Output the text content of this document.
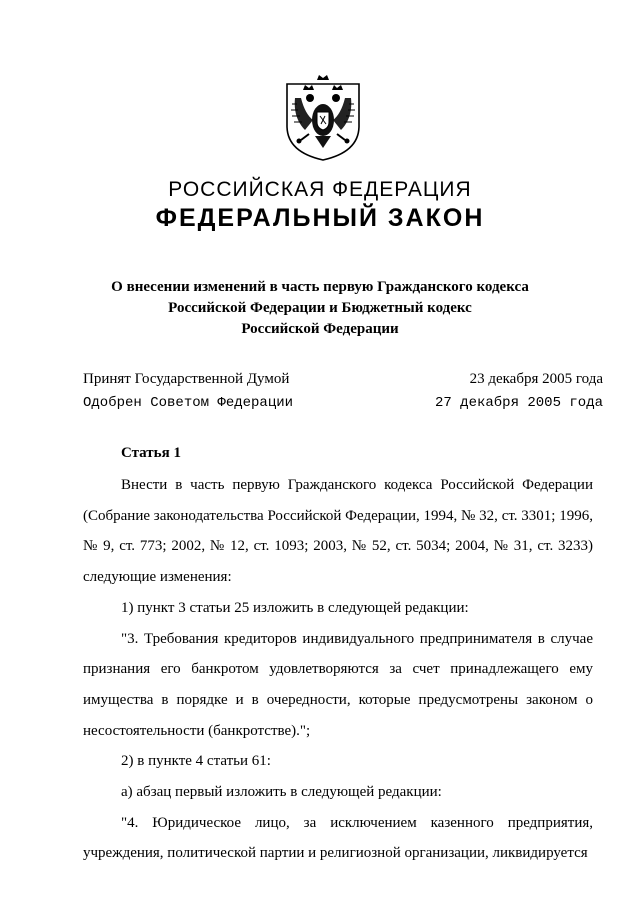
РОССИЙСКАЯ ФЕДЕРАЦИЯ
ФЕДЕРАЛЬНЫЙ ЗАКОН
О внесении изменений в часть первую Гражданского кодекса
Российской Федерации и Бюджетный кодекс
Российской Федерации
Принят Государственной Думой	23 декабря 2005 года
Одобрен Советом Федерации	27 декабря 2005 года
Статья 1

Внести в часть первую Гражданского кодекса Российской Федерации (Собрание законодательства Российской Федерации, 1994, № 32, ст. 3301; 1996, № 9, ст. 773; 2002, № 12, ст. 1093; 2003, № 52, ст. 5034; 2004, № 31, ст. 3233) следующие изменения:

1) пункт 3 статьи 25 изложить в следующей редакции:

"3. Требования кредиторов индивидуального предпринимателя в случае признания его банкротом удовлетворяются за счет принадлежащего ему имущества в порядке и в очередности, которые предусмотрены законом о несостоятельности (банкротстве).";

2) в пункте 4 статьи 61:

а) абзац первый изложить в следующей редакции:

"4. Юридическое лицо, за исключением казенного предприятия, учреждения, политической партии и религиозной организации, ликвидируется
